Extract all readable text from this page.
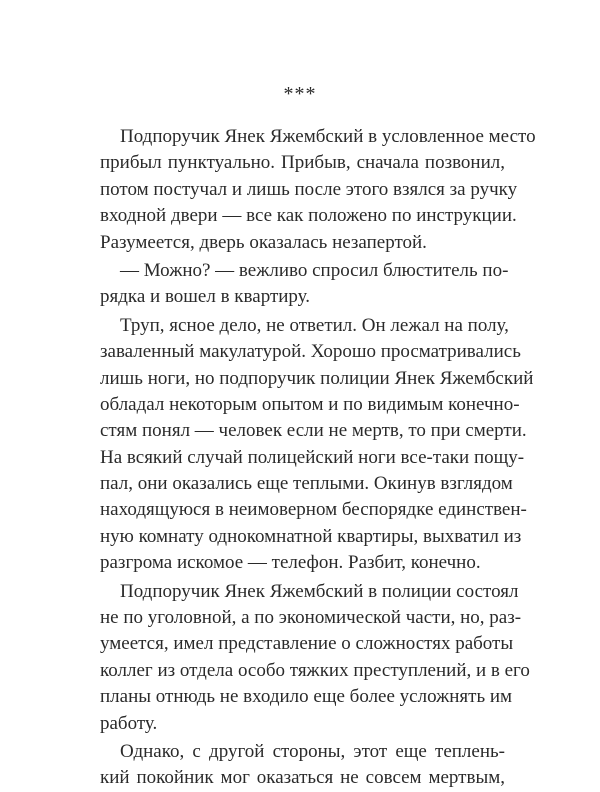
***
Подпоручик Янек Яжембский в условленное место
прибыл пунктуально. Прибыв, сначала позвонил,
потом постучал и лишь после этого взялся за ручку
входной двери — все как положено по инструкции.
Разумеется, дверь оказалась незапертой.
— Можно? — вежливо спросил блюститель по-
рядка и вошел в квартиру.
Труп, ясное дело, не ответил. Он лежал на полу,
заваленный макулатурой. Хорошо просматривались
лишь ноги, но подпоручик полиции Янек Яжембский
обладал некоторым опытом и по видимым конечно-
стям понял — человек если не мертв, то при смерти.
На всякий случай полицейский ноги все-таки пощу-
пал, они оказались еще теплыми. Окинув взглядом
находящуюся в неимоверном беспорядке единствен-
ную комнату однокомнатной квартиры, выхватил из
разгрома искомое — телефон. Разбит, конечно.
Подпоручик Янек Яжембский в полиции состоял
не по уголовной, а по экономической части, но, раз-
умеется, имел представление о сложностях работы
коллег из отдела особо тяжких преступлений, и в его
планы отнюдь не входило еще более усложнять им
работу.
Однако, с другой стороны, этот еще теплень-
кий покойник мог оказаться не совсем мертвым,
